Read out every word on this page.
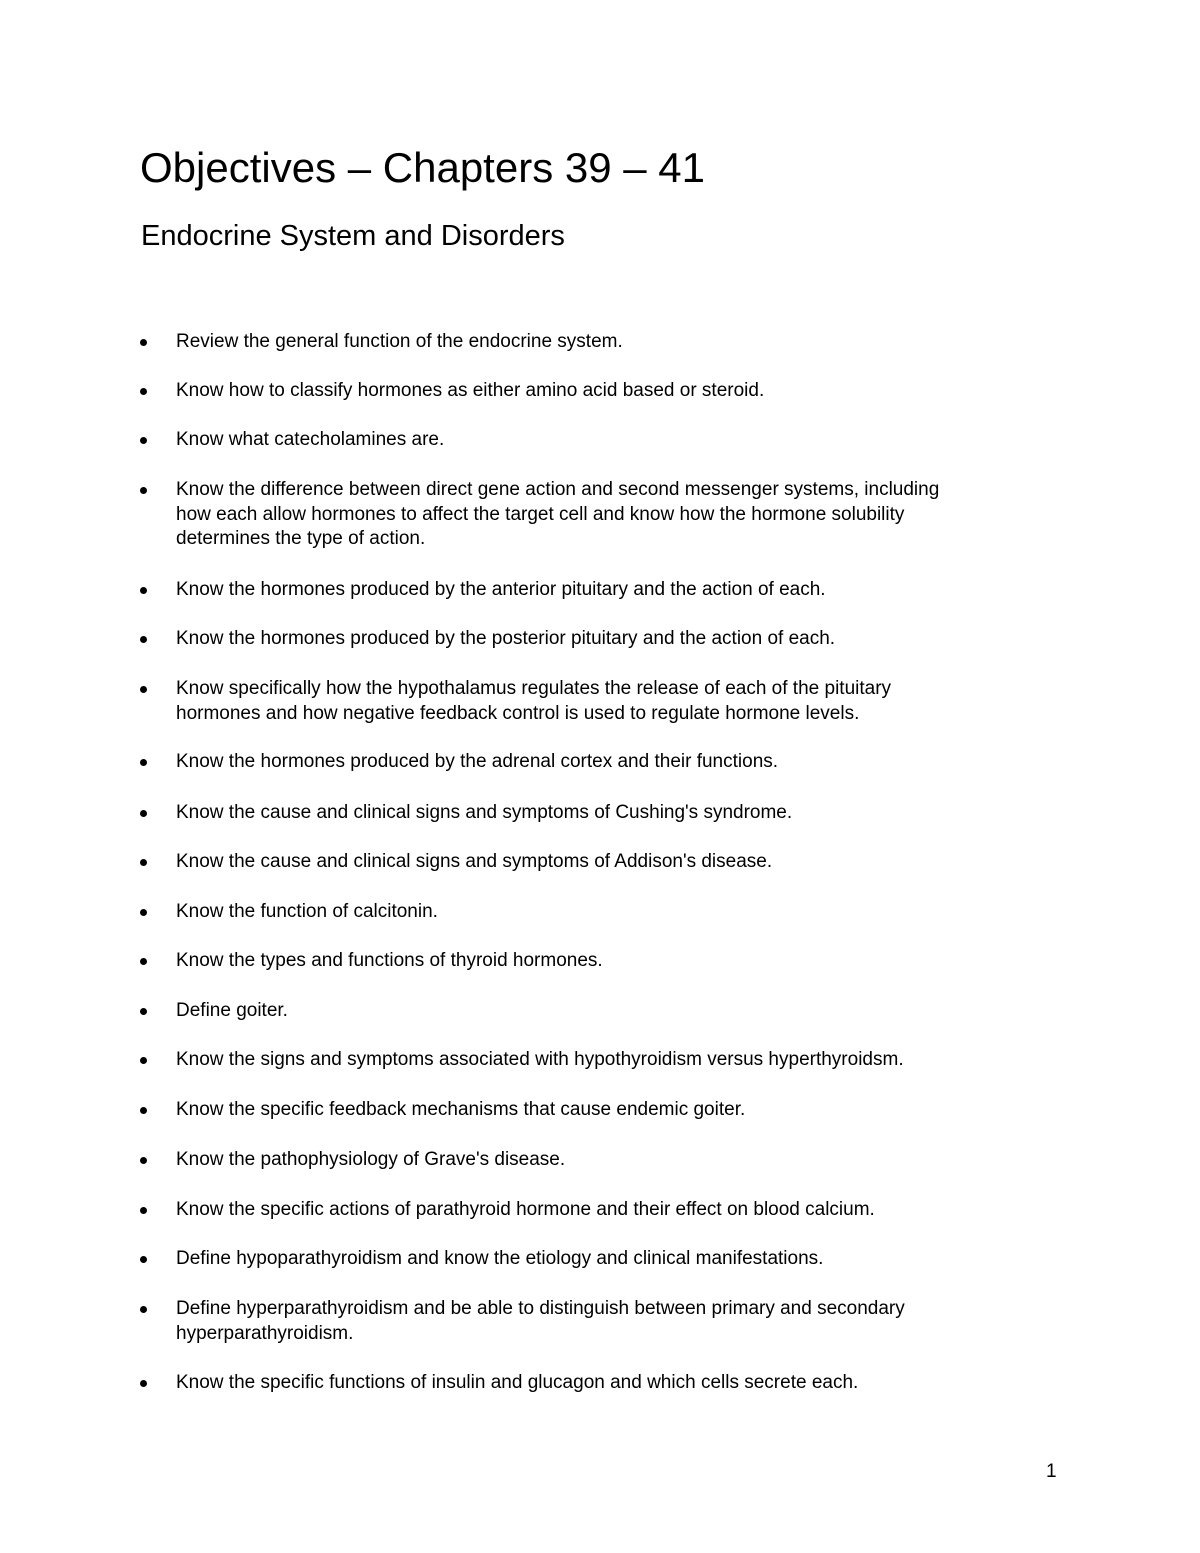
Objectives – Chapters 39 – 41
Endocrine System and Disorders
Review the general function of the endocrine system.
Know how to classify hormones as either amino acid based or steroid.
Know what catecholamines are.
Know the difference between direct gene action and second messenger systems, including
how each allow hormones to affect the target cell and know how the hormone solubility
determines the type of action.
Know the hormones produced by the anterior pituitary and the action of each.
Know the hormones produced by the posterior pituitary and the action of each.
Know specifically how the hypothalamus regulates the release of each of the pituitary
hormones and how negative feedback control is used to regulate hormone levels.
Know the hormones produced by the adrenal cortex and their functions.
Know the cause and clinical signs and symptoms of Cushing's syndrome.
Know the cause and clinical signs and symptoms of Addison's disease.
Know the function of calcitonin.
Know the types and functions of thyroid hormones.
Define goiter.
Know the signs and symptoms associated with hypothyroidism versus hyperthyroidsm.
Know the specific feedback mechanisms that cause endemic goiter.
Know the pathophysiology of Grave's disease.
Know the specific actions of parathyroid hormone and their effect on blood calcium.
Define hypoparathyroidism and know the etiology and clinical manifestations.
Define hyperparathyroidism and be able to distinguish between primary and secondary
hyperparathyroidism.
Know the specific functions of insulin and glucagon and which cells secrete each.
1
